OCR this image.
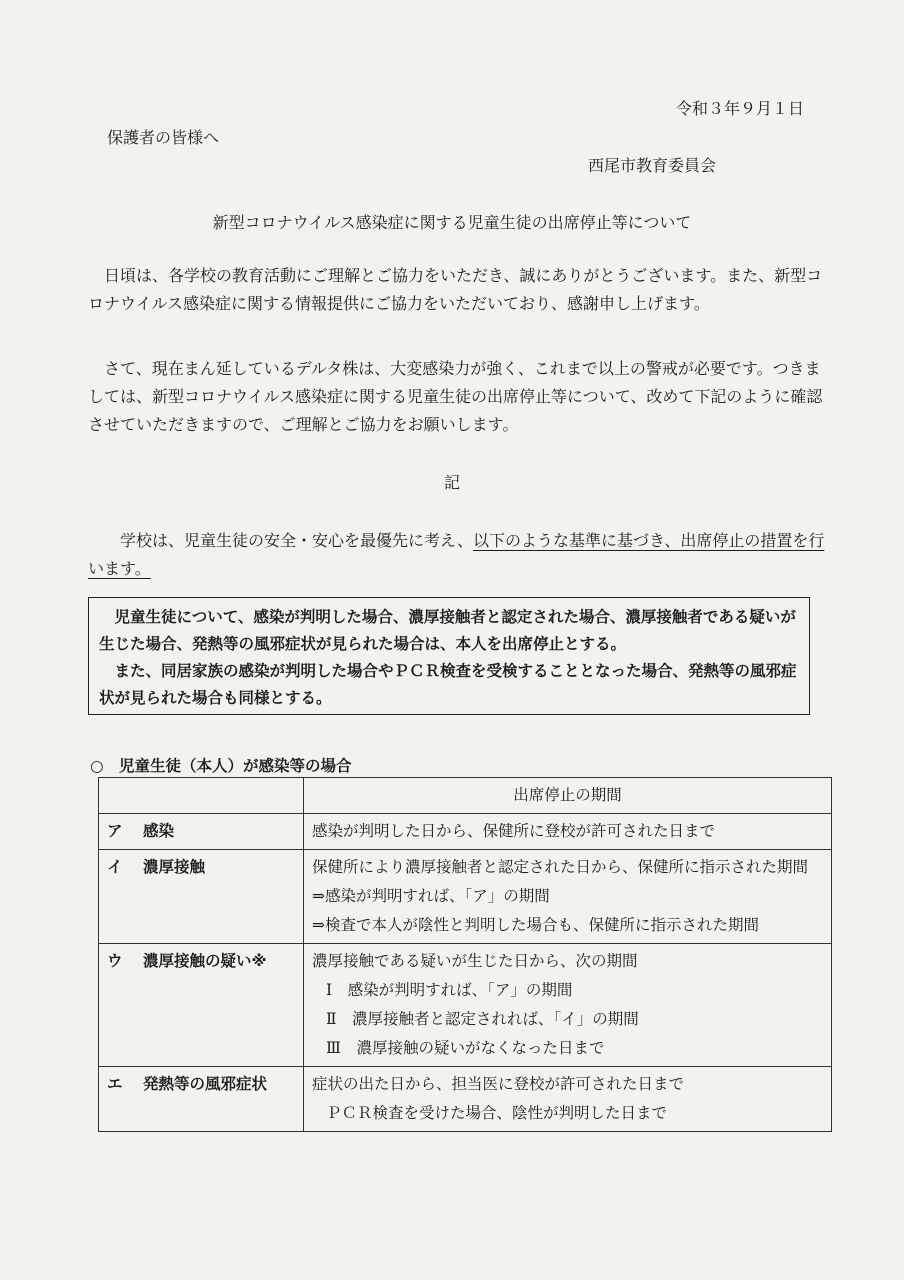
令和３年９月１日
保護者の皆様へ
西尾市教育委員会
新型コロナウイルス感染症に関する児童生徒の出席停止等について

　日頃は、各学校の教育活動にご理解とご協力をいただき、誠にありがとうございます。また、新型コロナウイルス感染症に関する情報提供にご協力をいただいており、感謝申し上げます。

　さて、現在まん延しているデルタ株は、大変感染力が強く、これまで以上の警戒が必要です。つきましては、新型コロナウイルス感染症に関する児童生徒の出席停止等について、改めて下記のように確認させていただきますので、ご理解とご協力をお願いします。

記

　　学校は、児童生徒の安全・安心を最優先に考え、以下のような基準に基づき、出席停止の措置を行います。

児童生徒について、感染が判明した場合、濃厚接触者と認定された場合、濃厚接触者である疑いが生じた場合、発熱等の風邪症状が見られた場合は、本人を出席停止とする。

また、同居家族の感染が判明した場合やＰＣＲ検査を受検することとなった場合、発熱等の風邪症状が見られた場合も同様とする。

○　児童生徒（本人）が感染等の場合
	出席停止の期間
ア 感染	感染が判明した日から、保健所に登校が許可された日まで

イ 濃厚接触	保健所により濃厚接触者と認定された日から、保健所に指示された期間
⇒感染が判明すれば、「ア」の期間
⇒検査で本人が陰性と判明した場合も、保健所に指示された期間

ウ 濃厚接触の疑い※	濃厚接触である疑いが生じた日から、次の期間
Ⅰ　感染が判明すれば、「ア」の期間
Ⅱ　濃厚接触者と認定されれば、「イ」の期間
Ⅲ　濃厚接触の疑いがなくなった日まで

エ 発熱等の風邪症状	症状の出た日から、担当医に登校が許可された日まで
ＰＣＲ検査を受けた場合、陰性が判明した日まで
